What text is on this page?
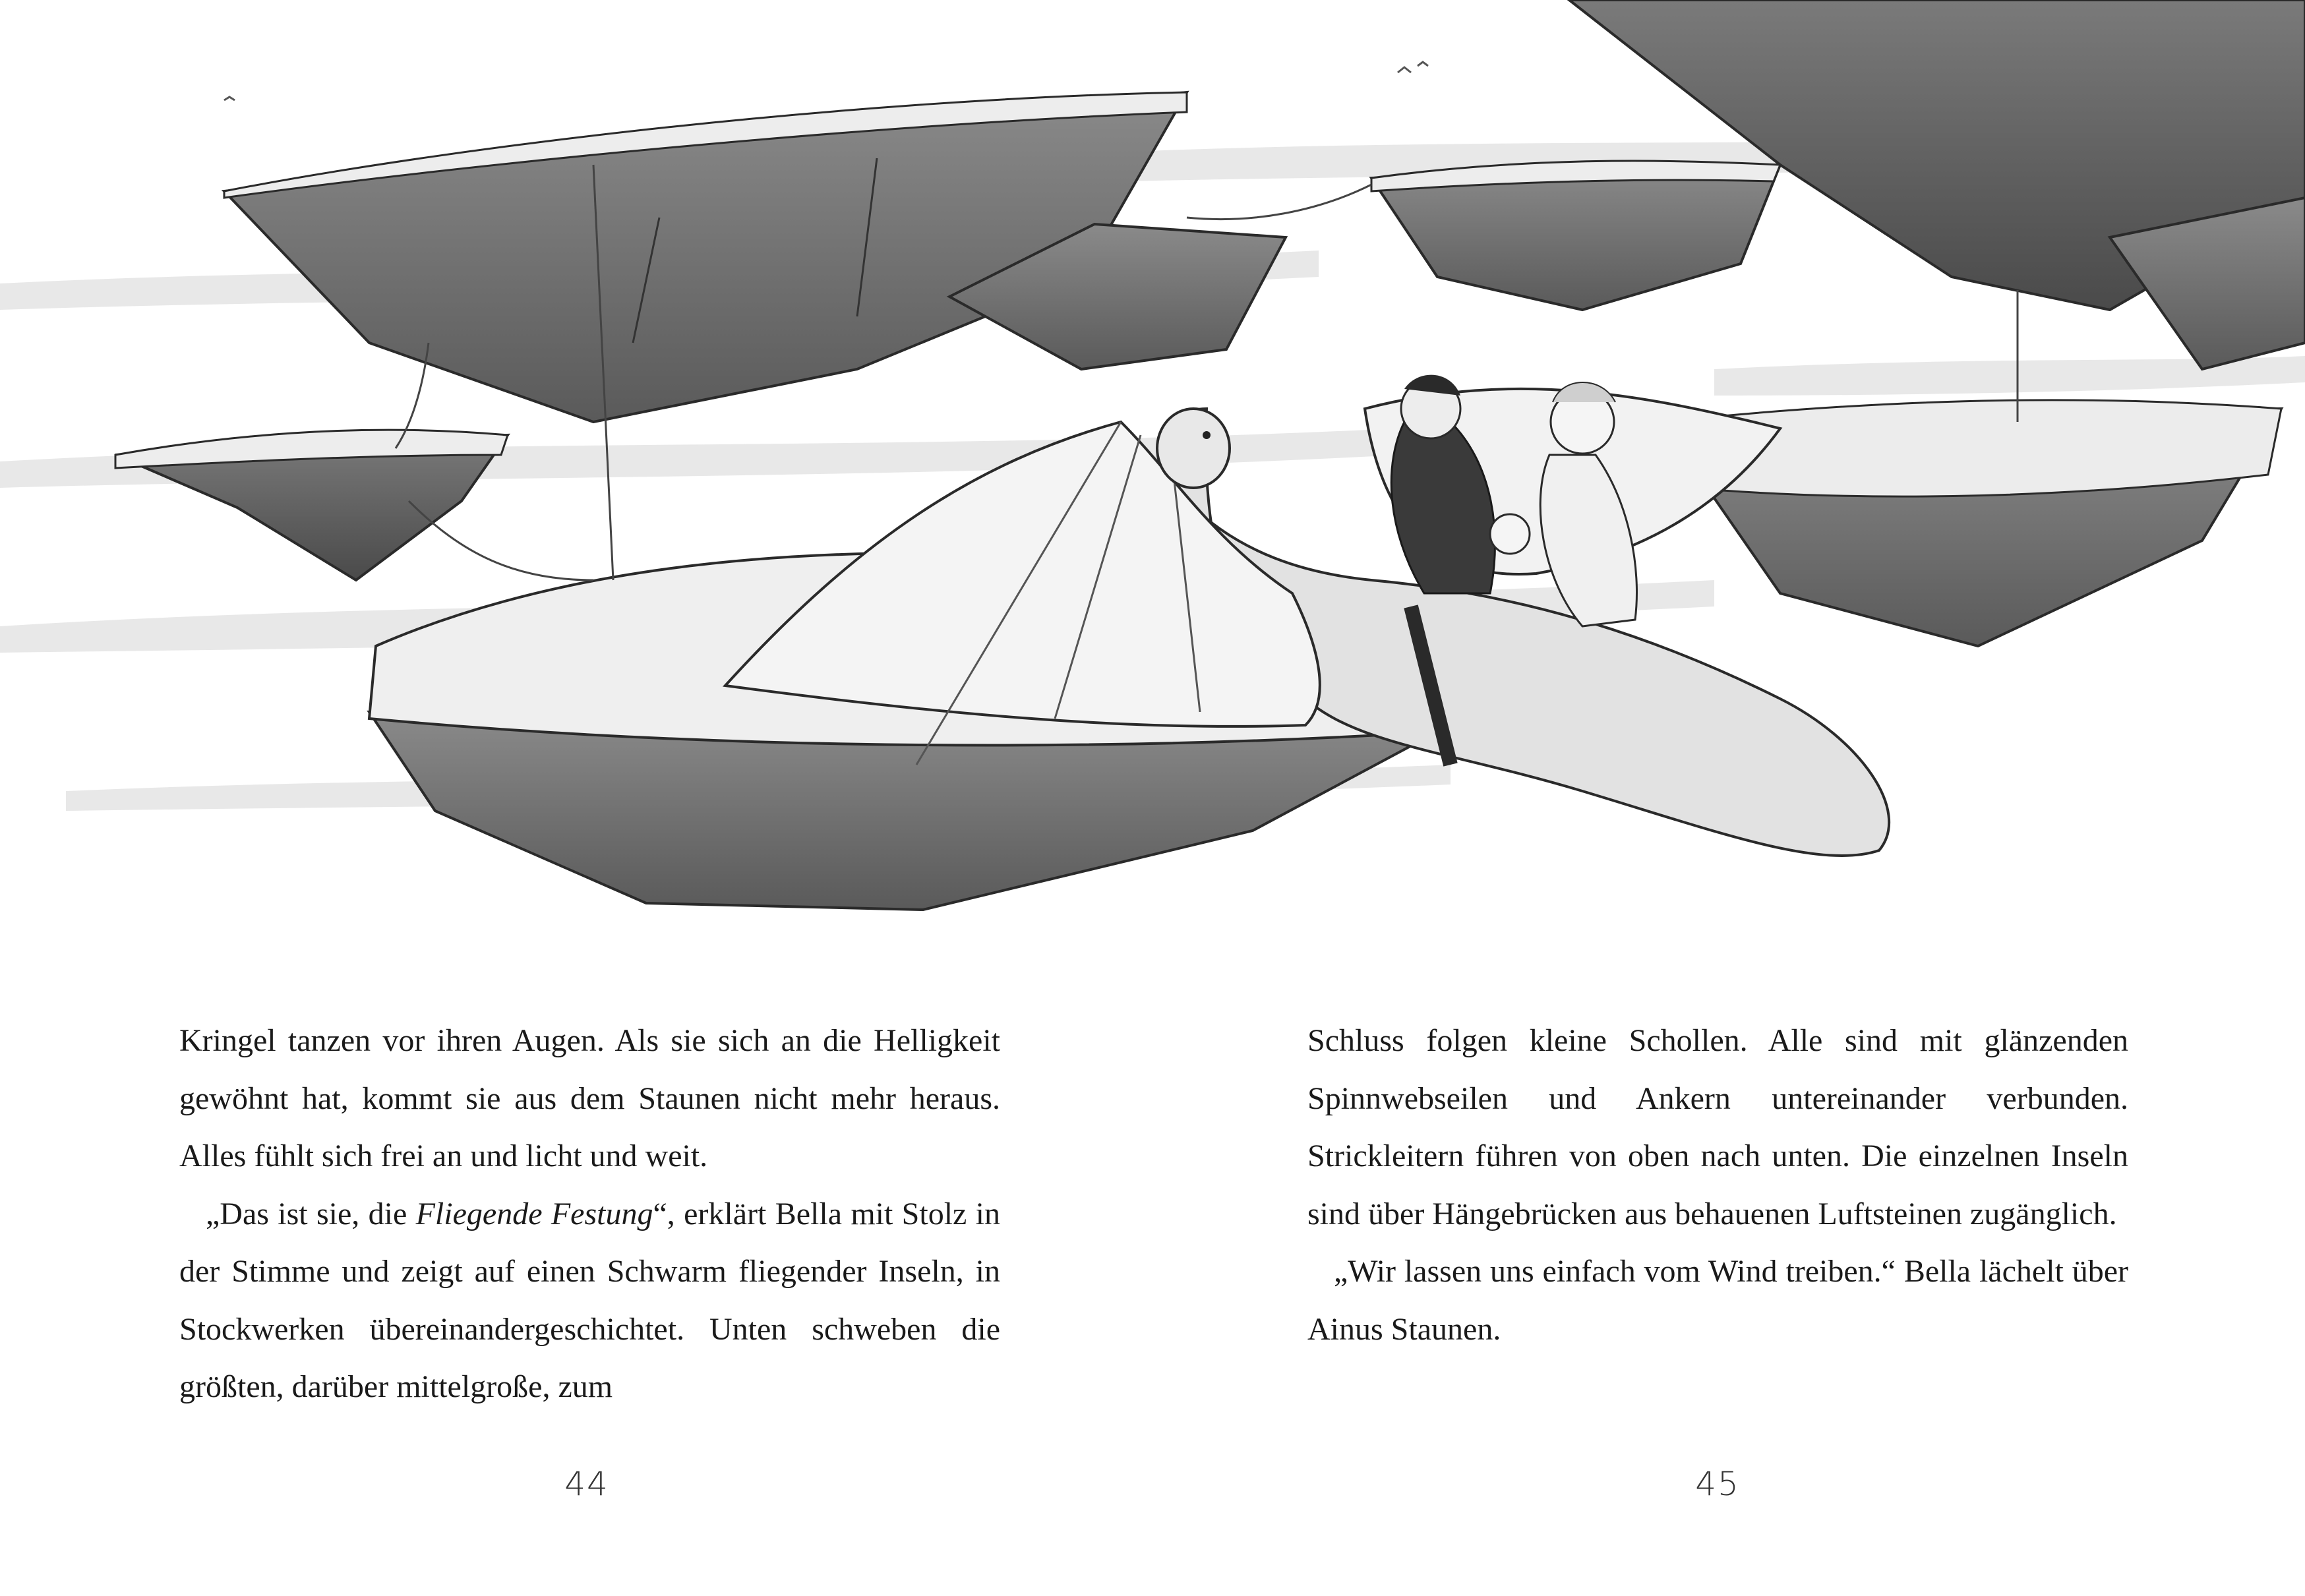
Kringel tanzen vor ihren Augen. Als sie sich an die Helligkeit gewöhnt hat, kommt sie aus dem Staunen nicht mehr heraus. Alles fühlt sich frei an und licht und weit.

„Das ist sie, die Fliegende Festung“, erklärt Bella mit Stolz in der Stimme und zeigt auf einen Schwarm fliegender Inseln, in Stockwerken übereinandergeschichtet. Unten schweben die größten, darüber mittelgroße, zum

Schluss folgen kleine Schollen. Alle sind mit glänzenden Spinnwebseilen und Ankern untereinander verbunden. Strickleitern führen von oben nach unten. Die einzelnen Inseln sind über Hängebrücken aus behauenen Luftsteinen zugänglich.

„Wir lassen uns einfach vom Wind treiben.“ Bella lächelt über Ainus Staunen.

44	45
